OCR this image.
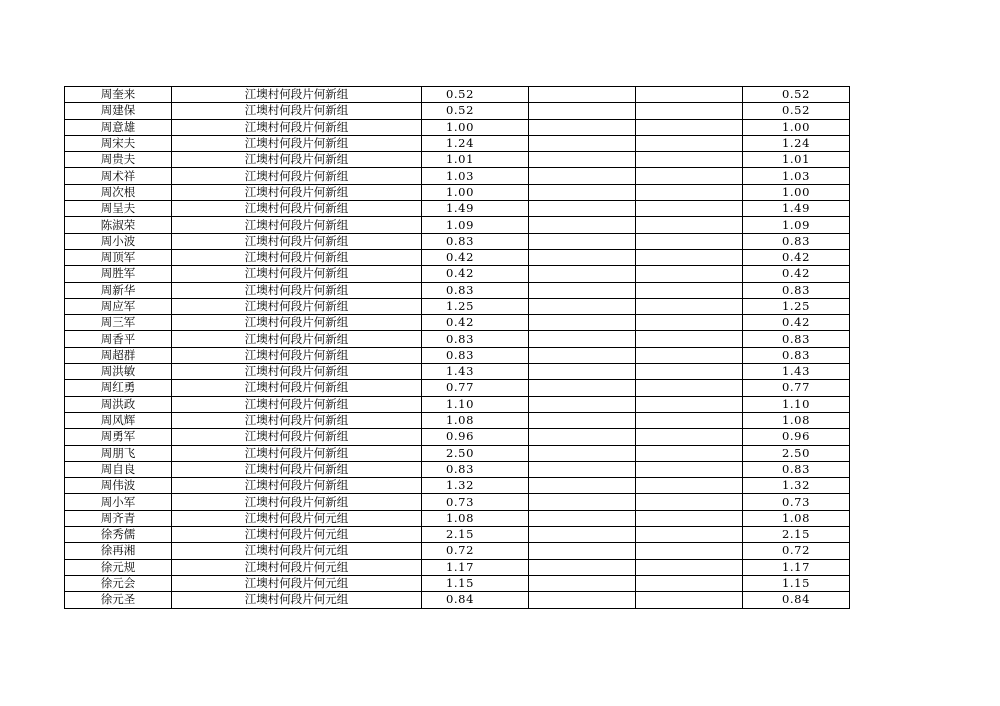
周奎来	江墺村何段片何新组	0.52			0.52
周建保	江墺村何段片何新组	0.52			0.52
周意雄	江墺村何段片何新组	1.00			1.00
周宋夫	江墺村何段片何新组	1.24			1.24
周贵夫	江墺村何段片何新组	1.01			1.01
周术祥	江墺村何段片何新组	1.03			1.03
周次根	江墺村何段片何新组	1.00			1.00
周呈夫	江墺村何段片何新组	1.49			1.49
陈淑荣	江墺村何段片何新组	1.09			1.09
周小波	江墺村何段片何新组	0.83			0.83
周顶军	江墺村何段片何新组	0.42			0.42
周胜军	江墺村何段片何新组	0.42			0.42
周新华	江墺村何段片何新组	0.83			0.83
周应军	江墺村何段片何新组	1.25			1.25
周三军	江墺村何段片何新组	0.42			0.42
周香平	江墺村何段片何新组	0.83			0.83
周超群	江墺村何段片何新组	0.83			0.83
周洪敏	江墺村何段片何新组	1.43			1.43
周红勇	江墺村何段片何新组	0.77			0.77
周洪政	江墺村何段片何新组	1.10			1.10
周风辉	江墺村何段片何新组	1.08			1.08
周勇军	江墺村何段片何新组	0.96			0.96
周朋飞	江墺村何段片何新组	2.50			2.50
周自良	江墺村何段片何新组	0.83			0.83
周伟波	江墺村何段片何新组	1.32			1.32
周小军	江墺村何段片何新组	0.73			0.73
周齐青	江墺村何段片何元组	1.08			1.08
徐秀儒	江墺村何段片何元组	2.15			2.15
徐再湘	江墺村何段片何元组	0.72			0.72
徐元规	江墺村何段片何元组	1.17			1.17
徐元会	江墺村何段片何元组	1.15			1.15
徐元圣	江墺村何段片何元组	0.84			0.84
